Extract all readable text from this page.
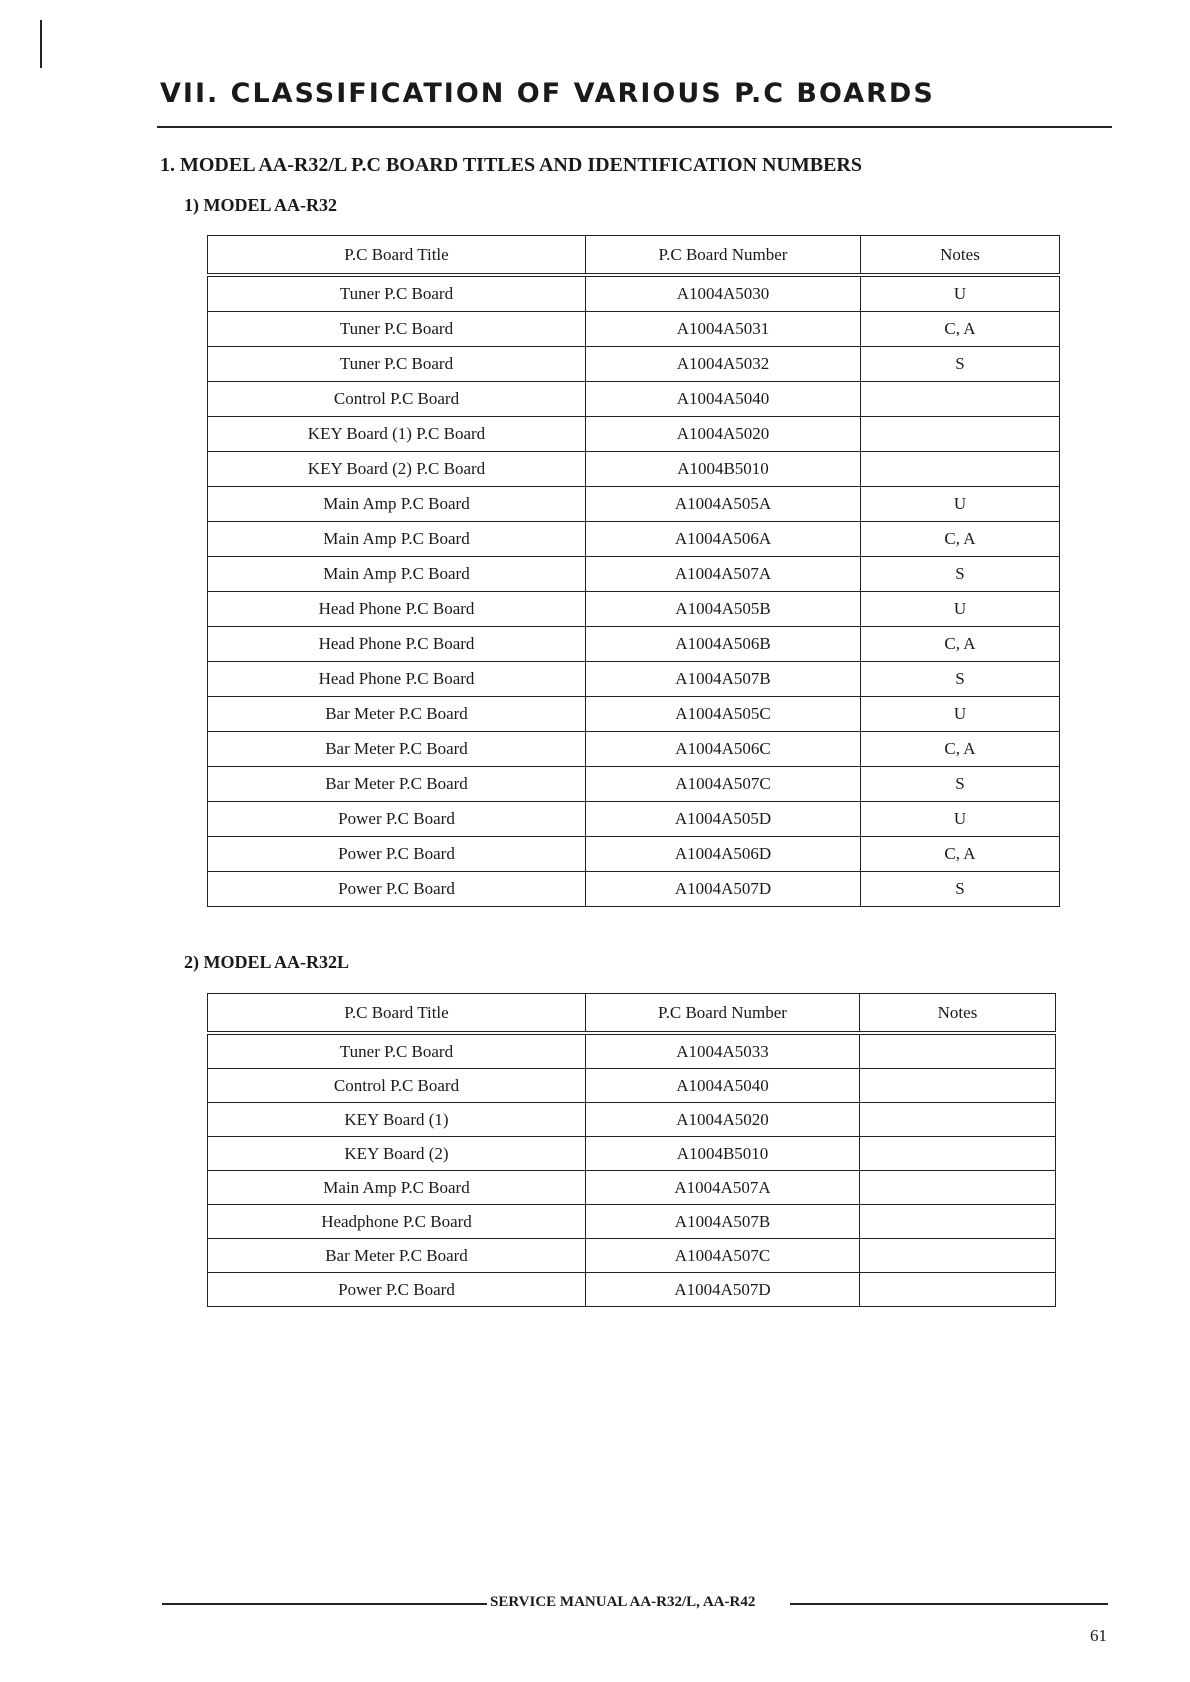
VII. CLASSIFICATION OF VARIOUS P.C BOARDS
1. MODEL AA-R32/L P.C BOARD TITLES AND IDENTIFICATION NUMBERS
1) MODEL AA-R32
P.C Board Title	P.C Board Number	Notes
Tuner P.C Board	A1004A5030	U
Tuner P.C Board	A1004A5031	C, A
Tuner P.C Board	A1004A5032	S
Control P.C Board	A1004A5040	
KEY Board (1) P.C Board	A1004A5020	
KEY Board (2) P.C Board	A1004B5010	
Main Amp P.C Board	A1004A505A	U
Main Amp P.C Board	A1004A506A	C, A
Main Amp P.C Board	A1004A507A	S
Head Phone P.C Board	A1004A505B	U
Head Phone P.C Board	A1004A506B	C, A
Head Phone P.C Board	A1004A507B	S
Bar Meter P.C Board	A1004A505C	U
Bar Meter P.C Board	A1004A506C	C, A
Bar Meter P.C Board	A1004A507C	S
Power P.C Board	A1004A505D	U
Power P.C Board	A1004A506D	C, A
Power P.C Board	A1004A507D	S
2) MODEL AA-R32L
P.C Board Title	P.C Board Number	Notes
Tuner P.C Board	A1004A5033	
Control P.C Board	A1004A5040	
KEY Board (1)	A1004A5020	
KEY Board (2)	A1004B5010	
Main Amp P.C Board	A1004A507A	
Headphone P.C Board	A1004A507B	
Bar Meter P.C Board	A1004A507C	
Power P.C Board	A1004A507D	
SERVICE MANUAL AA-R32/L, AA-R42
61
